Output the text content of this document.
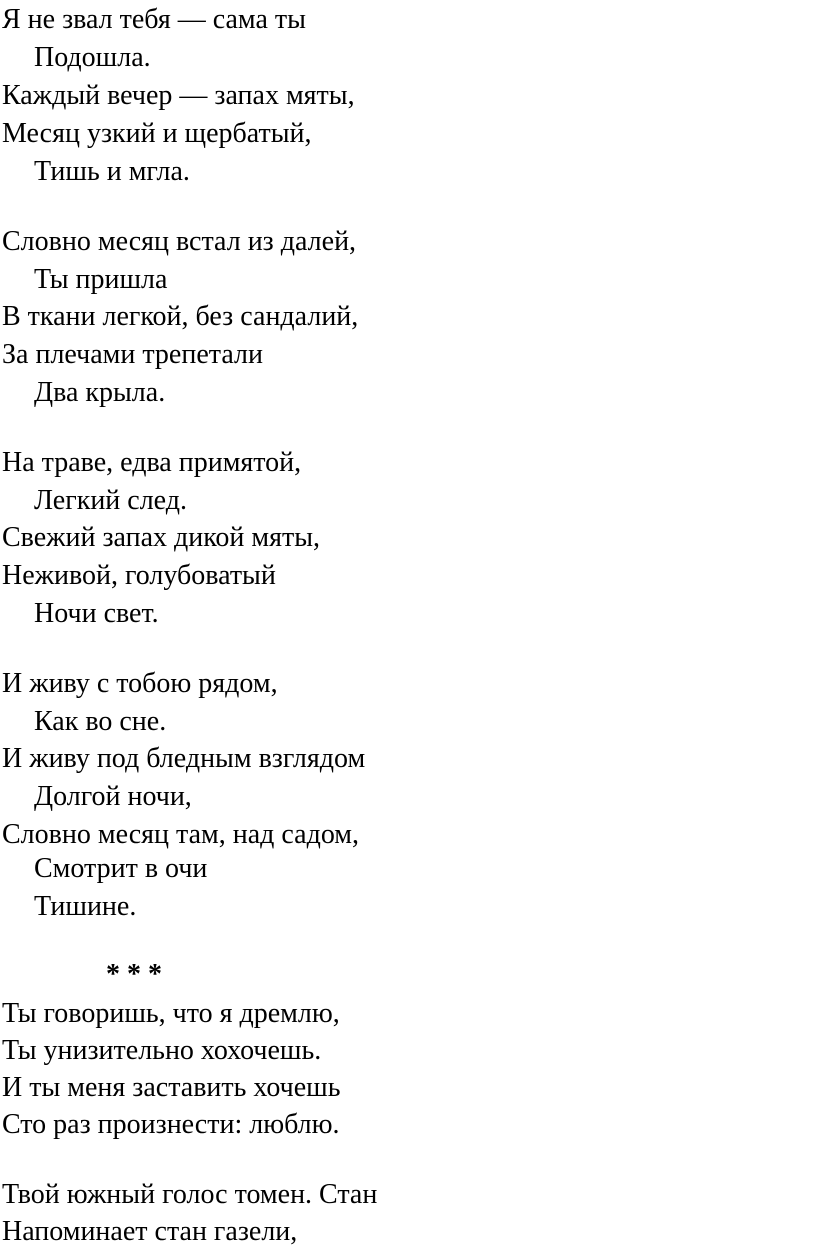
Я не звал тебя — сама ты
Подошла.
Каждый вечер — запах мяты,
Месяц узкий и щербатый,
Тишь и мгла.
Словно месяц встал из далей,
Ты пришла
В ткани легкой, без сандалий,
За плечами трепетали
Два крыла.
На траве, едва примятой,
Легкий след.
Свежий запах дикой мяты,
Неживой, голубоватый
Ночи свет.
И живу с тобою рядом,
Как во сне.
И живу под бледным взглядом
Долгой ночи,
Словно месяц там, над садом,
Смотрит в очи
Тишине.
* * *
Ты говоришь, что я дремлю,
Ты унизительно хохочешь.
И ты меня заставить хочешь
Сто раз произнести: люблю.
Твой южный голос томен. Стан
Напоминает стан газели,
